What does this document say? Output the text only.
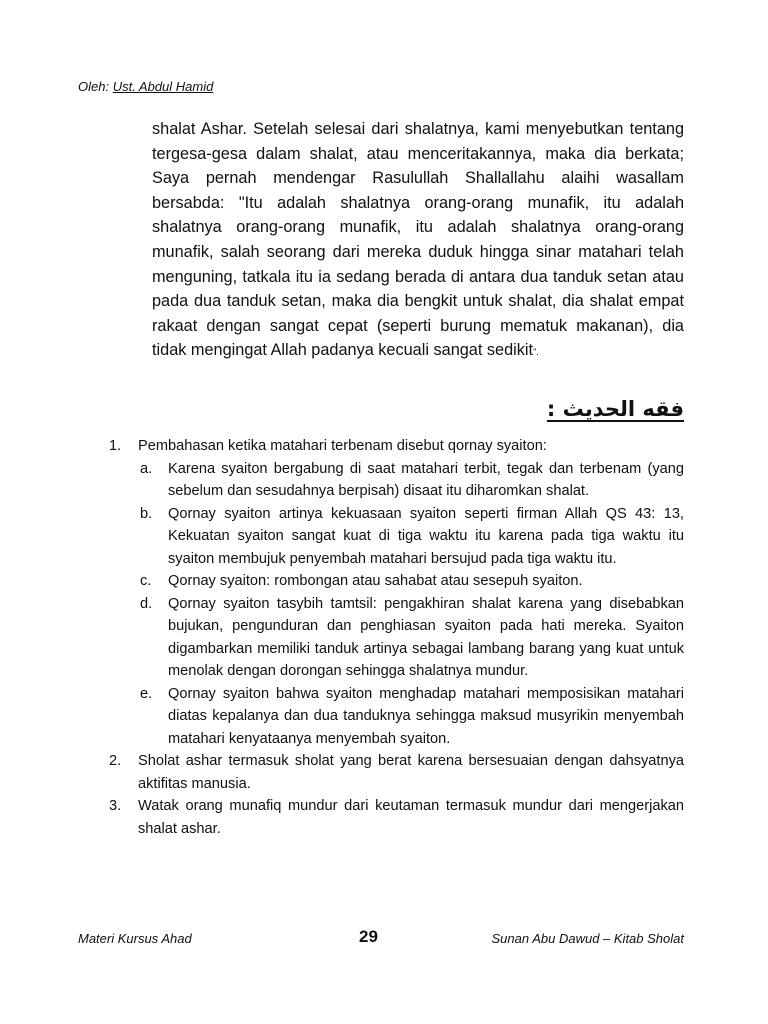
Oleh: Ust. Abdul Hamid

shalat Ashar. Setelah selesai dari shalatnya, kami menyebutkan tentang tergesa-gesa dalam shalat, atau menceritakannya, maka dia berkata; Saya pernah mendengar Rasulullah Shallallahu alaihi wasallam bersabda: "Itu adalah shalatnya orang-orang munafik, itu adalah shalatnya orang-orang munafik, itu adalah shalatnya orang-orang munafik, salah seorang dari mereka duduk hingga sinar matahari telah menguning, tatkala itu ia sedang berada di antara dua tanduk setan atau pada dua tanduk setan, maka dia bengkit untuk shalat, dia shalat empat rakaat dengan sangat cepat (seperti burung mematuk makanan), dia tidak mengingat Allah padanya kecuali sangat sedikit".

فقه الحديث :
1. Pembahasan ketika matahari terbenam disebut qornay syaiton:
a. Karena syaiton bergabung di saat matahari terbit, tegak dan terbenam (yang sebelum dan sesudahnya berpisah) disaat itu diharomkan shalat.
b. Qornay syaiton artinya kekuasaan syaiton seperti firman Allah QS 43: 13, Kekuatan syaiton sangat kuat di tiga waktu itu karena pada tiga waktu itu syaiton membujuk penyembah matahari bersujud pada tiga waktu itu.
c. Qornay syaiton: rombongan atau sahabat atau sesepuh syaiton.
d. Qornay syaiton tasybih tamtsil: pengakhiran shalat karena yang disebabkan bujukan, pengunduran dan penghiasan syaiton pada hati mereka. Syaiton digambarkan memiliki tanduk artinya sebagai lambang barang yang kuat untuk menolak dengan dorongan sehingga shalatnya mundur.
e. Qornay syaiton bahwa syaiton menghadap matahari memposisikan matahari diatas kepalanya dan dua tanduknya sehingga maksud musyrikin menyembah matahari kenyataanya menyembah syaiton.
2. Sholat ashar termasuk sholat yang berat karena bersesuaian dengan dahsyatnya aktifitas manusia.
3. Watak orang munafiq mundur dari keutaman termasuk mundur dari mengerjakan shalat ashar.
Materi Kursus Ahad	29	Sunan Abu Dawud – Kitab Sholat
